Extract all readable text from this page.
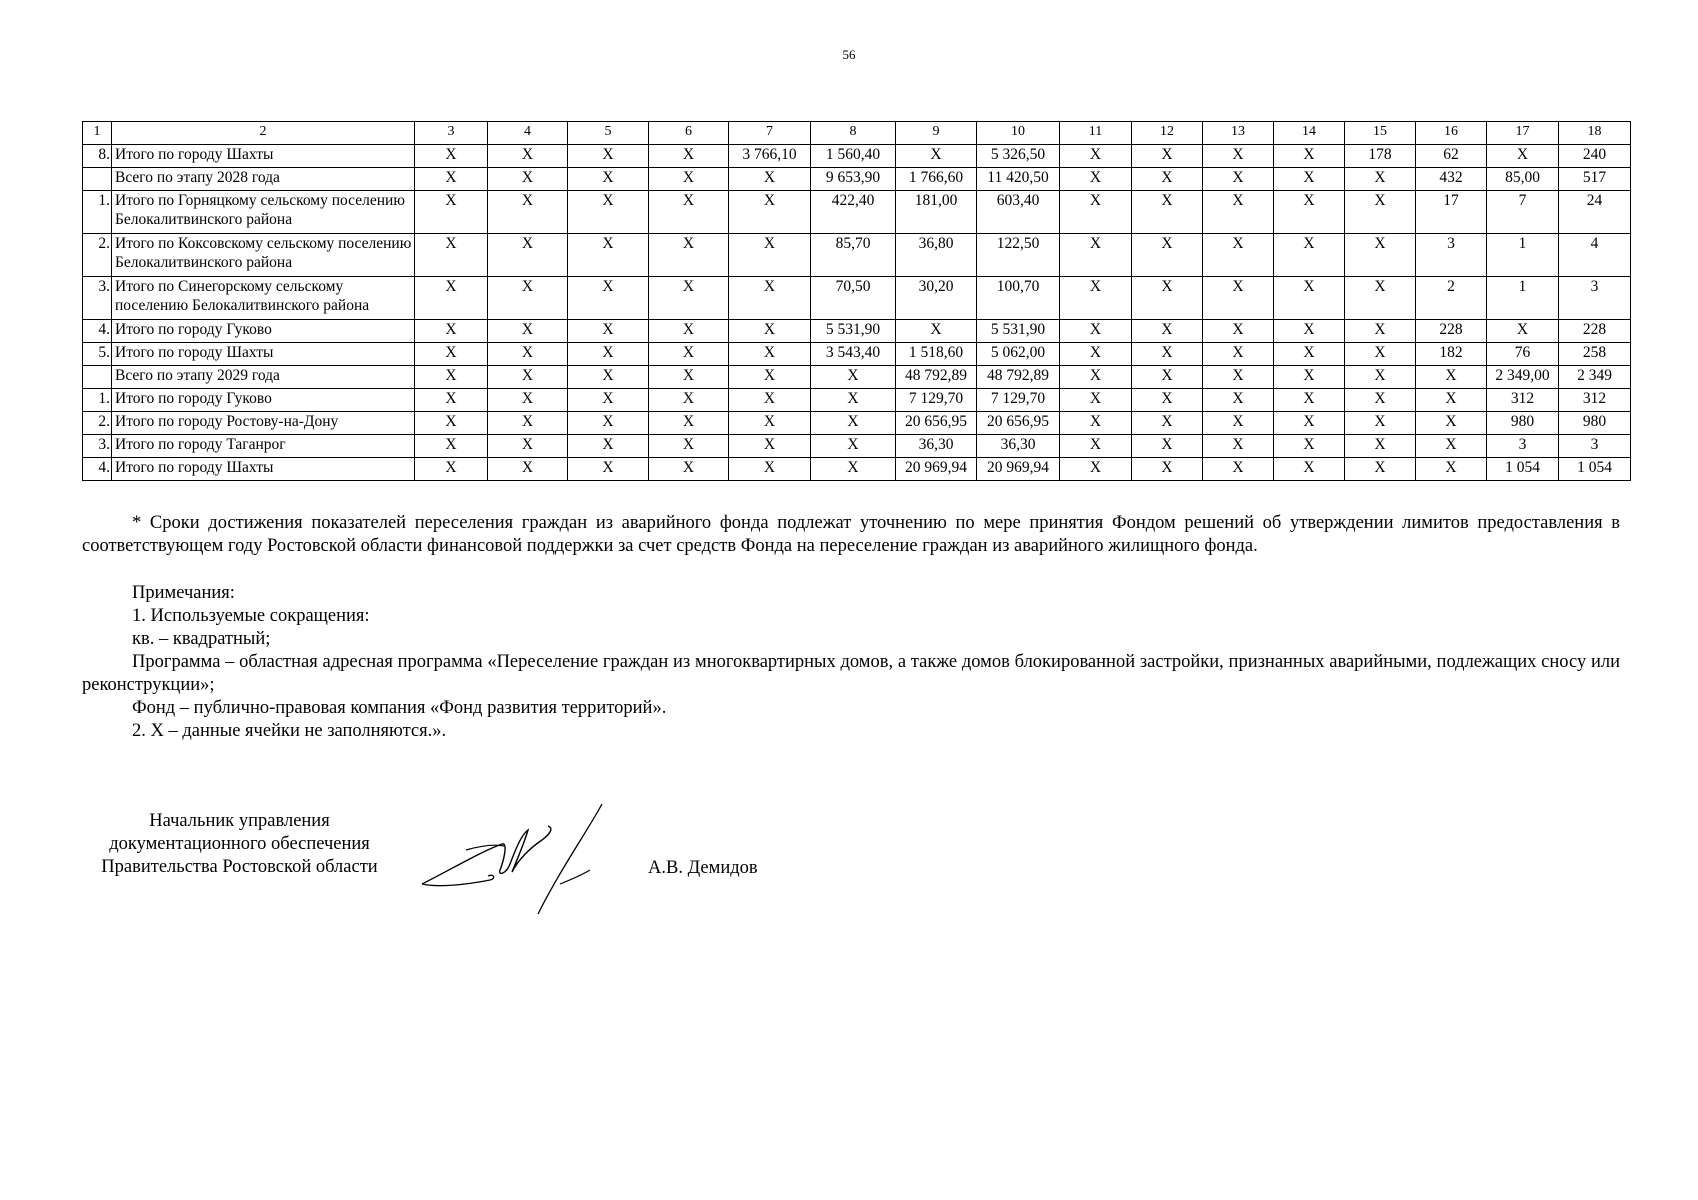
56
1	2	3	4	5	6	7	8	9	10	11	12	13	14	15	16	17	18
8.	Итого по городу Шахты	Х	Х	Х	Х	3 766,10	1 560,40	Х	5 326,50	Х	Х	Х	Х	178	62	Х	240
	Всего по этапу 2028 года	Х	Х	Х	Х	Х	9 653,90	1 766,60	11 420,50	Х	Х	Х	Х	Х	432	85,00	517
1.	Итого по Горняцкому сельскому поселению Белокалитвинского района	Х	Х	Х	Х	Х	422,40	181,00	603,40	Х	Х	Х	Х	Х	17	7	24
2.	Итого по Коксовскому сельскому поселению Белокалитвинского района	Х	Х	Х	Х	Х	85,70	36,80	122,50	Х	Х	Х	Х	Х	3	1	4
3.	Итого по Синегорскому сельскому поселению Белокалитвинского района	Х	Х	Х	Х	Х	70,50	30,20	100,70	Х	Х	Х	Х	Х	2	1	3
4.	Итого по городу Гуково	Х	Х	Х	Х	Х	5 531,90	Х	5 531,90	Х	Х	Х	Х	Х	228	Х	228
5.	Итого по городу Шахты	Х	Х	Х	Х	Х	3 543,40	1 518,60	5 062,00	Х	Х	Х	Х	Х	182	76	258
	Всего по этапу 2029 года	Х	Х	Х	Х	Х	Х	48 792,89	48 792,89	Х	Х	Х	Х	Х	Х	2 349,00	2 349
1.	Итого по городу Гуково	Х	Х	Х	Х	Х	Х	7 129,70	7 129,70	Х	Х	Х	Х	Х	Х	312	312
2.	Итого по городу Ростову-на-Дону	Х	Х	Х	Х	Х	Х	20 656,95	20 656,95	Х	Х	Х	Х	Х	Х	980	980
3.	Итого по городу Таганрог	Х	Х	Х	Х	Х	Х	36,30	36,30	Х	Х	Х	Х	Х	Х	3	3
4.	Итого по городу Шахты	Х	Х	Х	Х	Х	Х	20 969,94	20 969,94	Х	Х	Х	Х	Х	Х	1 054	1 054
* Сроки достижения показателей переселения граждан из аварийного фонда подлежат уточнению по мере принятия Фондом решений об утверждении лимитов предоставления в соответствующем году Ростовской области финансовой поддержки за счет средств Фонда на переселение граждан из аварийного жилищного фонда.
Примечания:
1. Используемые сокращения:
кв. – квадратный;
Программа – областная адресная программа «Переселение граждан из многоквартирных домов, а также домов блокированной застройки, признанных аварийными, подлежащих сносу или реконструкции»;
Фонд – публично-правовая компания «Фонд развития территорий».
2. Х – данные ячейки не заполняются.».
Начальник управления
документационного обеспечения
Правительства Ростовской области	А.В. Демидов
